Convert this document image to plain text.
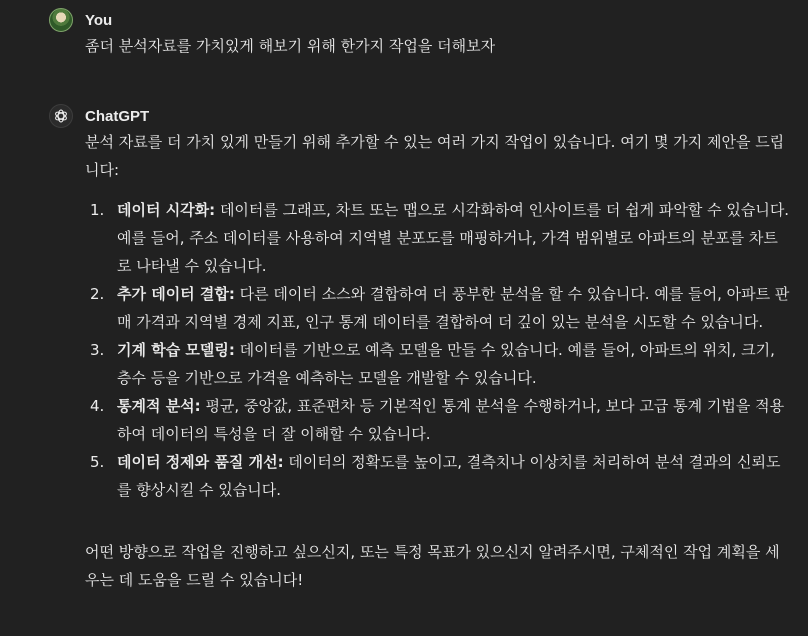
You
좀더 분석자료를 가치있게 해보기 위해 한가지 작업을 더해보자
ChatGPT

분석 자료를 더 가치 있게 만들기 위해 추가할 수 있는 여러 가지 작업이 있습니다. 여기 몇 가지 제안을 드립니다:

1. 데이터 시각화: 데이터를 그래프, 차트 또는 맵으로 시각화하여 인사이트를 더 쉽게 파악할 수 있습니다. 예를 들어, 주소 데이터를 사용하여 지역별 분포도를 매핑하거나, 가격 범위별로 아파트의 분포를 차트로 나타낼 수 있습니다.
2. 추가 데이터 결합: 다른 데이터 소스와 결합하여 더 풍부한 분석을 할 수 있습니다. 예를 들어, 아파트 판매 가격과 지역별 경제 지표, 인구 통계 데이터를 결합하여 더 깊이 있는 분석을 시도할 수 있습니다.
3. 기계 학습 모델링: 데이터를 기반으로 예측 모델을 만들 수 있습니다. 예를 들어, 아파트의 위치, 크기, 층수 등을 기반으로 가격을 예측하는 모델을 개발할 수 있습니다.
4. 통계적 분석: 평균, 중앙값, 표준편차 등 기본적인 통계 분석을 수행하거나, 보다 고급 통계 기법을 적용하여 데이터의 특성을 더 잘 이해할 수 있습니다.
5. 데이터 정제와 품질 개선: 데이터의 정확도를 높이고, 결측치나 이상치를 처리하여 분석 결과의 신뢰도를 향상시킬 수 있습니다.

어떤 방향으로 작업을 진행하고 싶으신지, 또는 특정 목표가 있으신지 알려주시면, 구체적인 작업 계획을 세우는 데 도움을 드릴 수 있습니다!
